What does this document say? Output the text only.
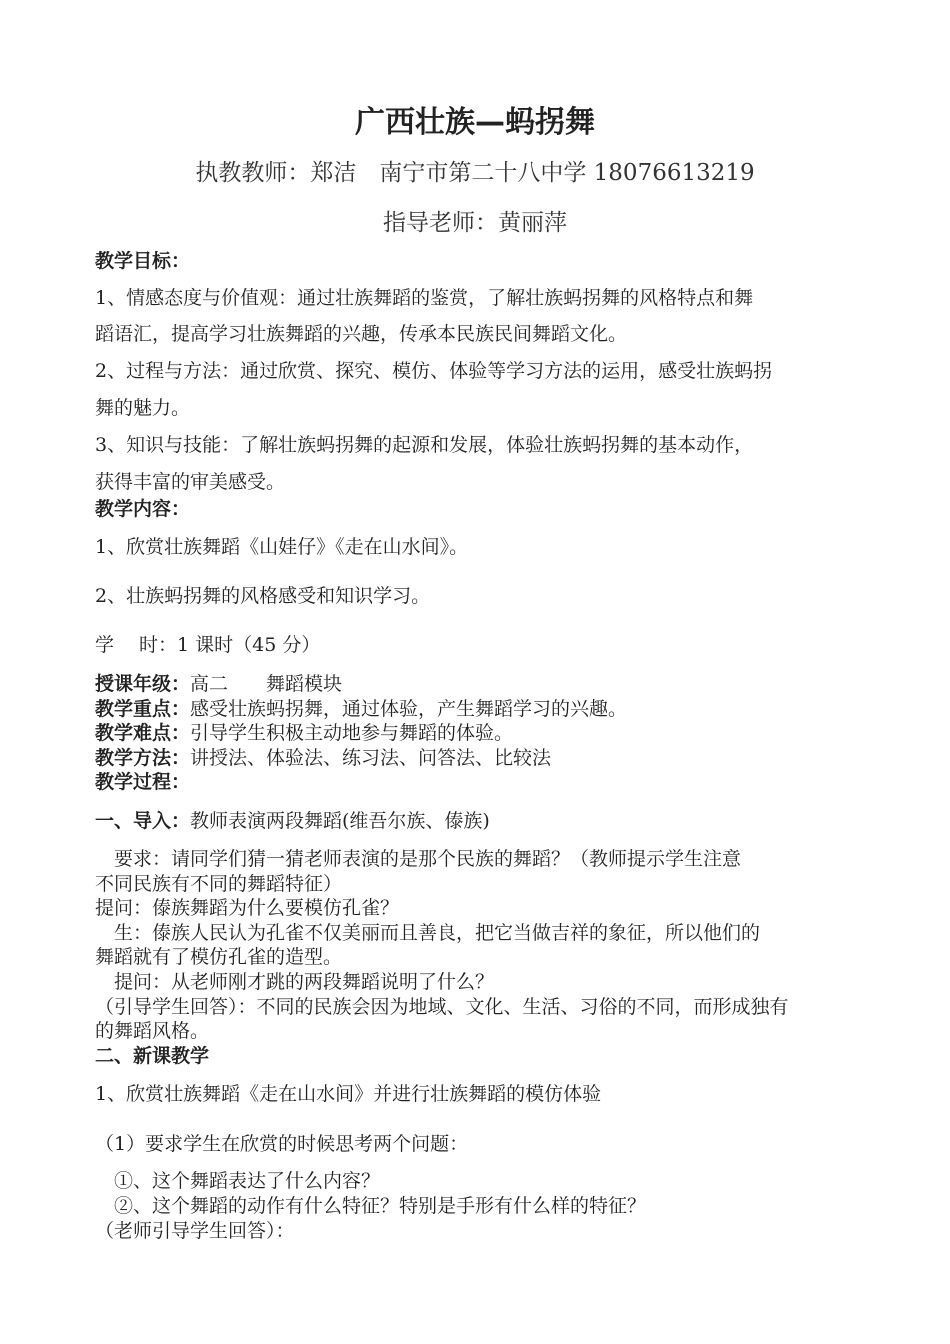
广西壮族—蚂拐舞
执教教师：郑洁　南宁市第二十八中学 18076613219
指导老师：黄丽萍
教学目标：
1、情感态度与价值观：通过壮族舞蹈的鉴赏，了解壮族蚂拐舞的风格特点和舞
蹈语汇，提高学习壮族舞蹈的兴趣，传承本民族民间舞蹈文化。
2、过程与方法：通过欣赏、探究、模仿、体验等学习方法的运用，感受壮族蚂拐
舞的魅力。
3、知识与技能：了解壮族蚂拐舞的起源和发展，体验壮族蚂拐舞的基本动作，
获得丰富的审美感受。
教学内容：
1、欣赏壮族舞蹈《山娃仔》《走在山水间》。
2、壮族蚂拐舞的风格感受和知识学习。
学　 时：1 课时（45 分）
授课年级：高二　　舞蹈模块
教学重点：感受壮族蚂拐舞，通过体验，产生舞蹈学习的兴趣。
教学难点：引导学生积极主动地参与舞蹈的体验。
教学方法：讲授法、体验法、练习法、问答法、比较法
教学过程：
一、导入：教师表演两段舞蹈(维吾尔族、傣族)
　要求：请同学们猜一猜老师表演的是那个民族的舞蹈？（教师提示学生注意
不同民族有不同的舞蹈特征）
提问：傣族舞蹈为什么要模仿孔雀？
　生：傣族人民认为孔雀不仅美丽而且善良，把它当做吉祥的象征，所以他们的
舞蹈就有了模仿孔雀的造型。
　提问：从老师刚才跳的两段舞蹈说明了什么？
（引导学生回答）：不同的民族会因为地域、文化、生活、习俗的不同，而形成独有
的舞蹈风格。
二、新课教学
1、欣赏壮族舞蹈《走在山水间》并进行壮族舞蹈的模仿体验
（1）要求学生在欣赏的时候思考两个问题：
　①、这个舞蹈表达了什么内容？
　②、这个舞蹈的动作有什么特征？特别是手形有什么样的特征？
（老师引导学生回答）：
